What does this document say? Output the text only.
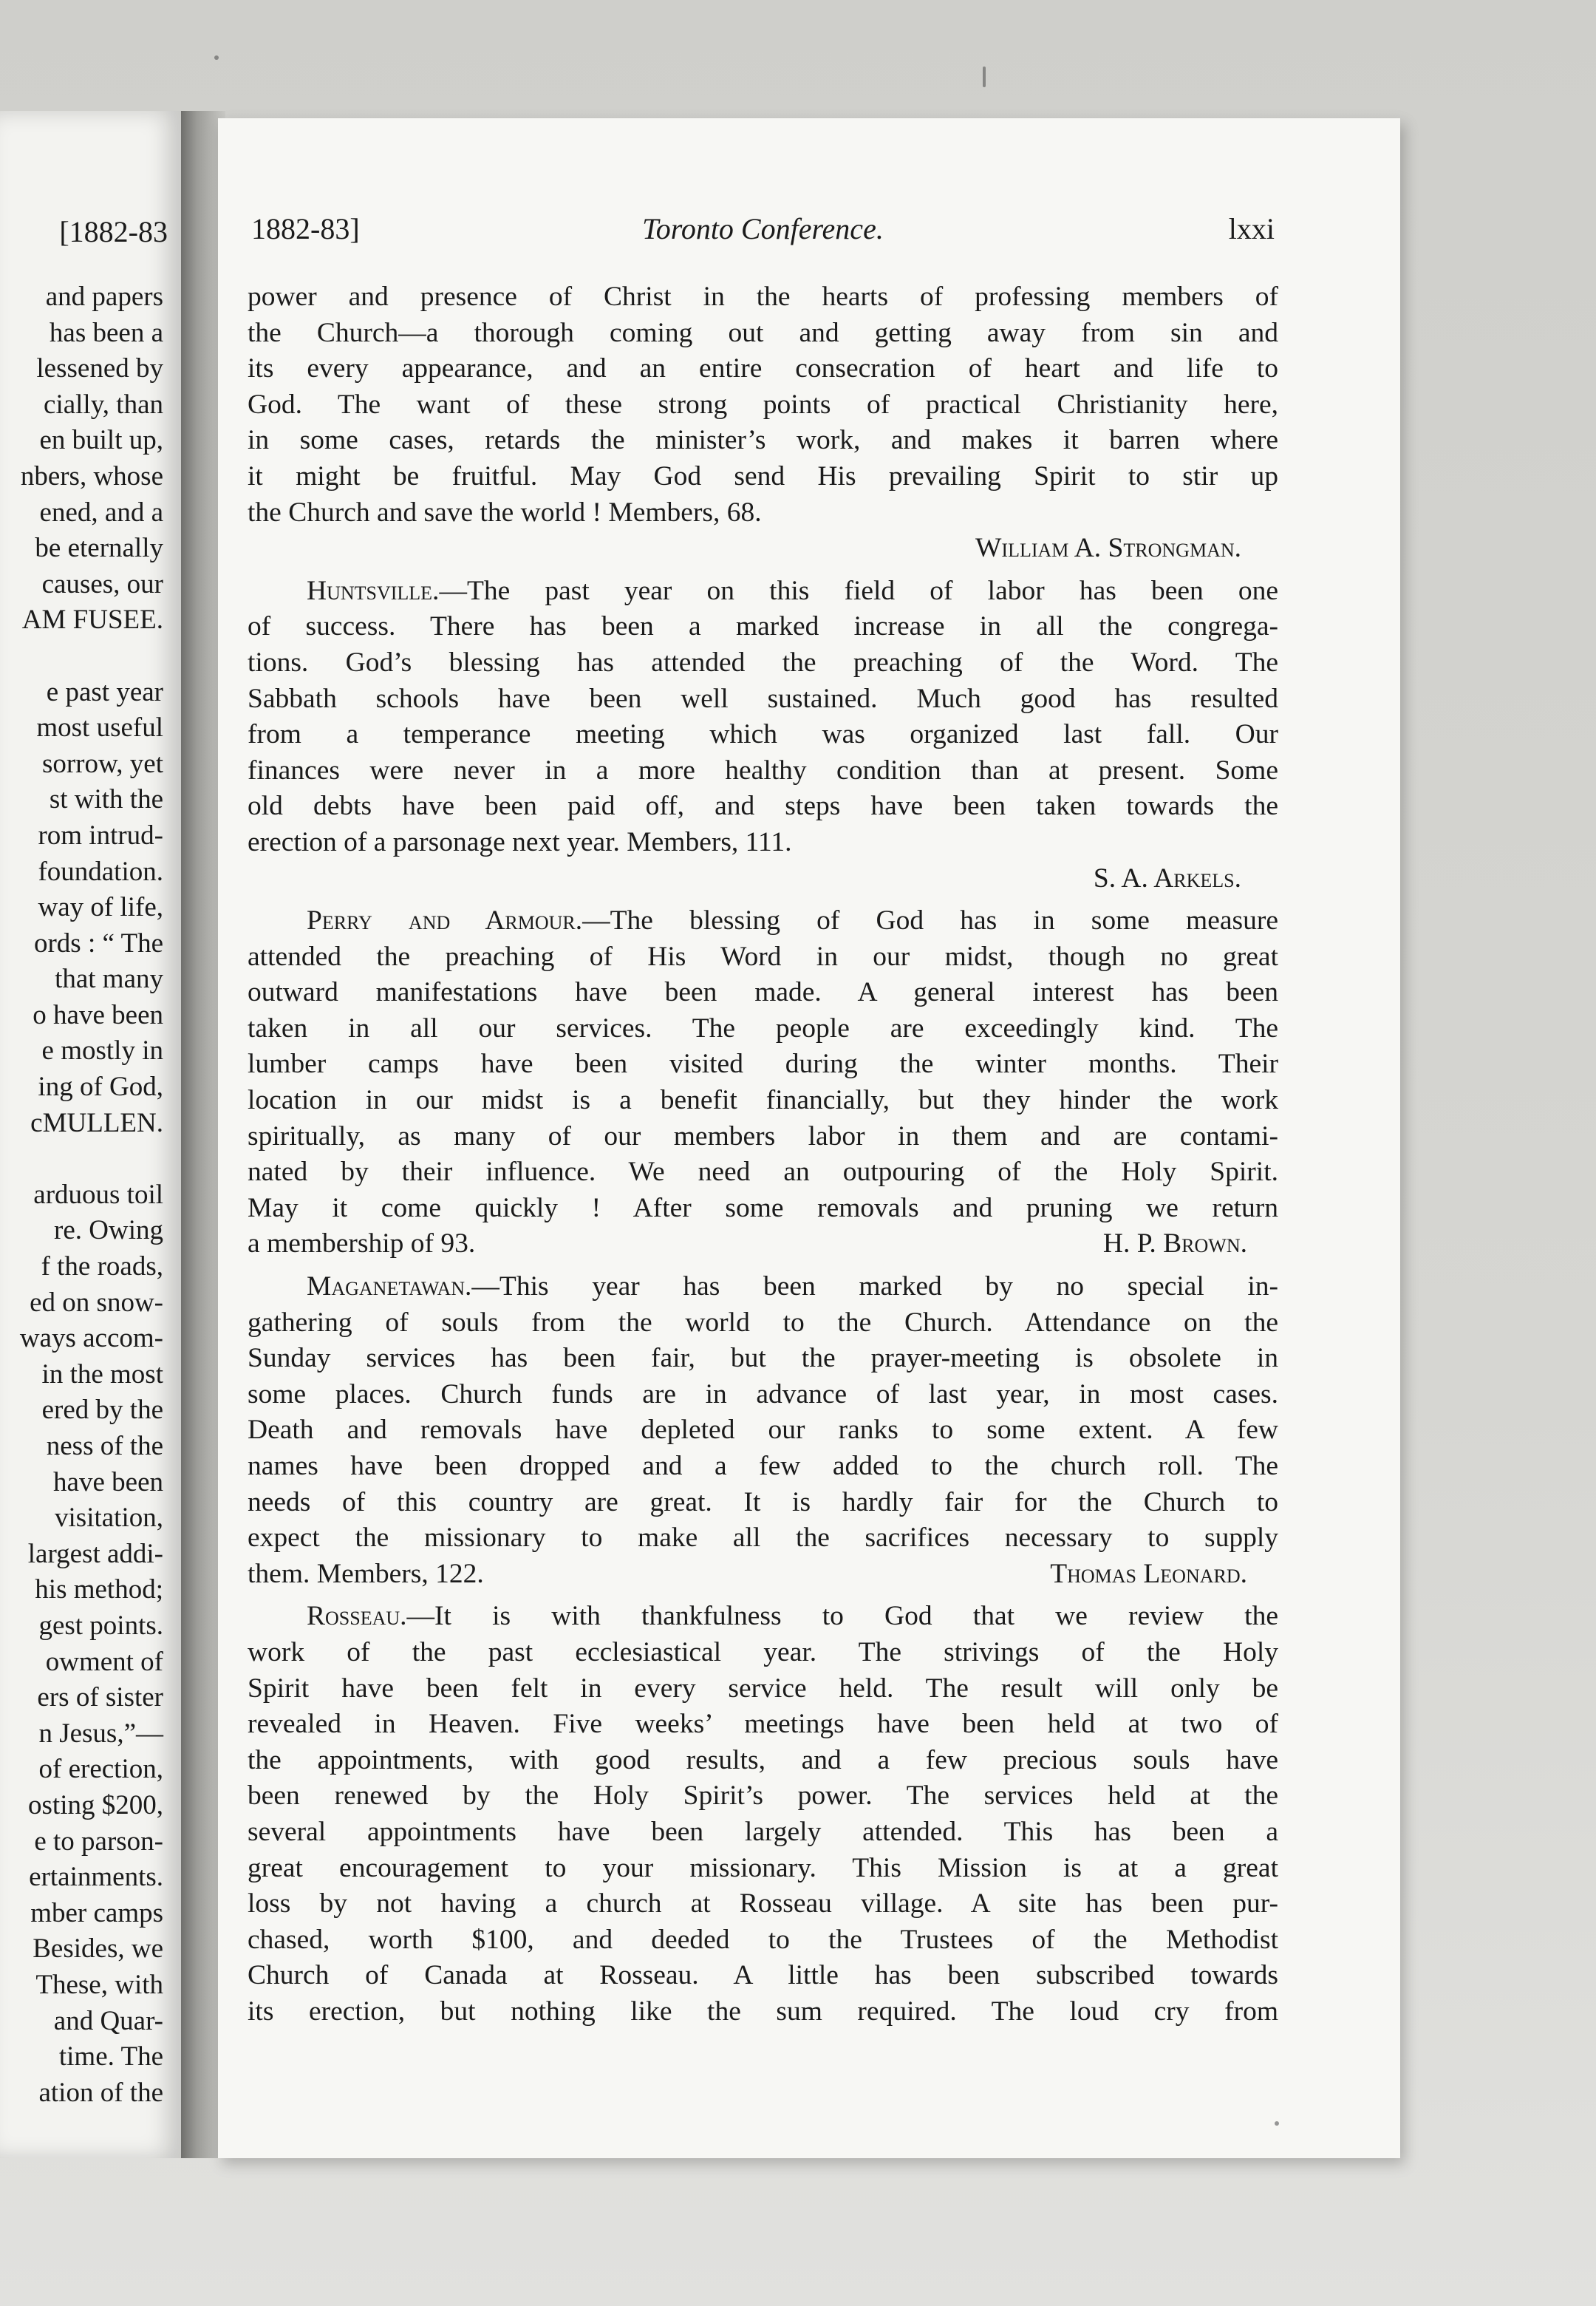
[1882-83
and papers
has been a
lessened by
cially, than
en built up,
nbers, whose
ened, and a
be eternally
causes, our
AM FUSEE.
e past year
most useful
sorrow, yet
st with the
rom intrud-
foundation.
way of life,
ords : “ The
that many
o have been
e mostly in
ing of God,
cMULLEN.
arduous toil
re. Owing
f the roads,
ed on snow-
ways accom-
in the most
ered by the
ness of the
have been
visitation,
largest addi-
his method;
gest points.
owment of
ers of sister
n Jesus,”—
of erection,
osting $200,
e to parson-
ertainments.
mber camps
Besides, we
These, with
and Quar-
time. The
ation of the
1882-83]	Toronto Conference.	lxxi
power and presence of Christ in the hearts of professing members of
the Church—a thorough coming out and getting away from sin and
its every appearance, and an entire consecration of heart and life to
God. The want of these strong points of practical Christianity here,
in some cases, retards the minister’s work, and makes it barren where
it might be fruitful. May God send His prevailing Spirit to stir up
the Church and save the world ! Members, 68.
William A. Strongman.
Huntsville.—The past year on this field of labor has been one
of success. There has been a marked increase in all the congrega-
tions. God’s blessing has attended the preaching of the Word. The
Sabbath schools have been well sustained. Much good has resulted
from a temperance meeting which was organized last fall. Our
finances were never in a more healthy condition than at present. Some
old debts have been paid off, and steps have been taken towards the
erection of a parsonage next year. Members, 111.
S. A. Arkels.
Perry and Armour.—The blessing of God has in some measure
attended the preaching of His Word in our midst, though no great
outward manifestations have been made. A general interest has been
taken in all our services. The people are exceedingly kind. The
lumber camps have been visited during the winter months. Their
location in our midst is a benefit financially, but they hinder the work
spiritually, as many of our members labor in them and are contami-
nated by their influence. We need an outpouring of the Holy Spirit.
May it come quickly ! After some removals and pruning we return
a membership of 93.	H. P. Brown.
Maganetawan.—This year has been marked by no special in-
gathering of souls from the world to the Church. Attendance on the
Sunday services has been fair, but the prayer-meeting is obsolete in
some places. Church funds are in advance of last year, in most cases.
Death and removals have depleted our ranks to some extent. A few
names have been dropped and a few added to the church roll. The
needs of this country are great. It is hardly fair for the Church to
expect the missionary to make all the sacrifices necessary to supply
them. Members, 122.	Thomas Leonard.
Rosseau.—It is with thankfulness to God that we review the
work of the past ecclesiastical year. The strivings of the Holy
Spirit have been felt in every service held. The result will only be
revealed in Heaven. Five weeks’ meetings have been held at two of
the appointments, with good results, and a few precious souls have
been renewed by the Holy Spirit’s power. The services held at the
several appointments have been largely attended. This has been a
great encouragement to your missionary. This Mission is at a great
loss by not having a church at Rosseau village. A site has been pur-
chased, worth $100, and deeded to the Trustees of the Methodist
Church of Canada at Rosseau. A little has been subscribed towards
its erection, but nothing like the sum required. The loud cry from
